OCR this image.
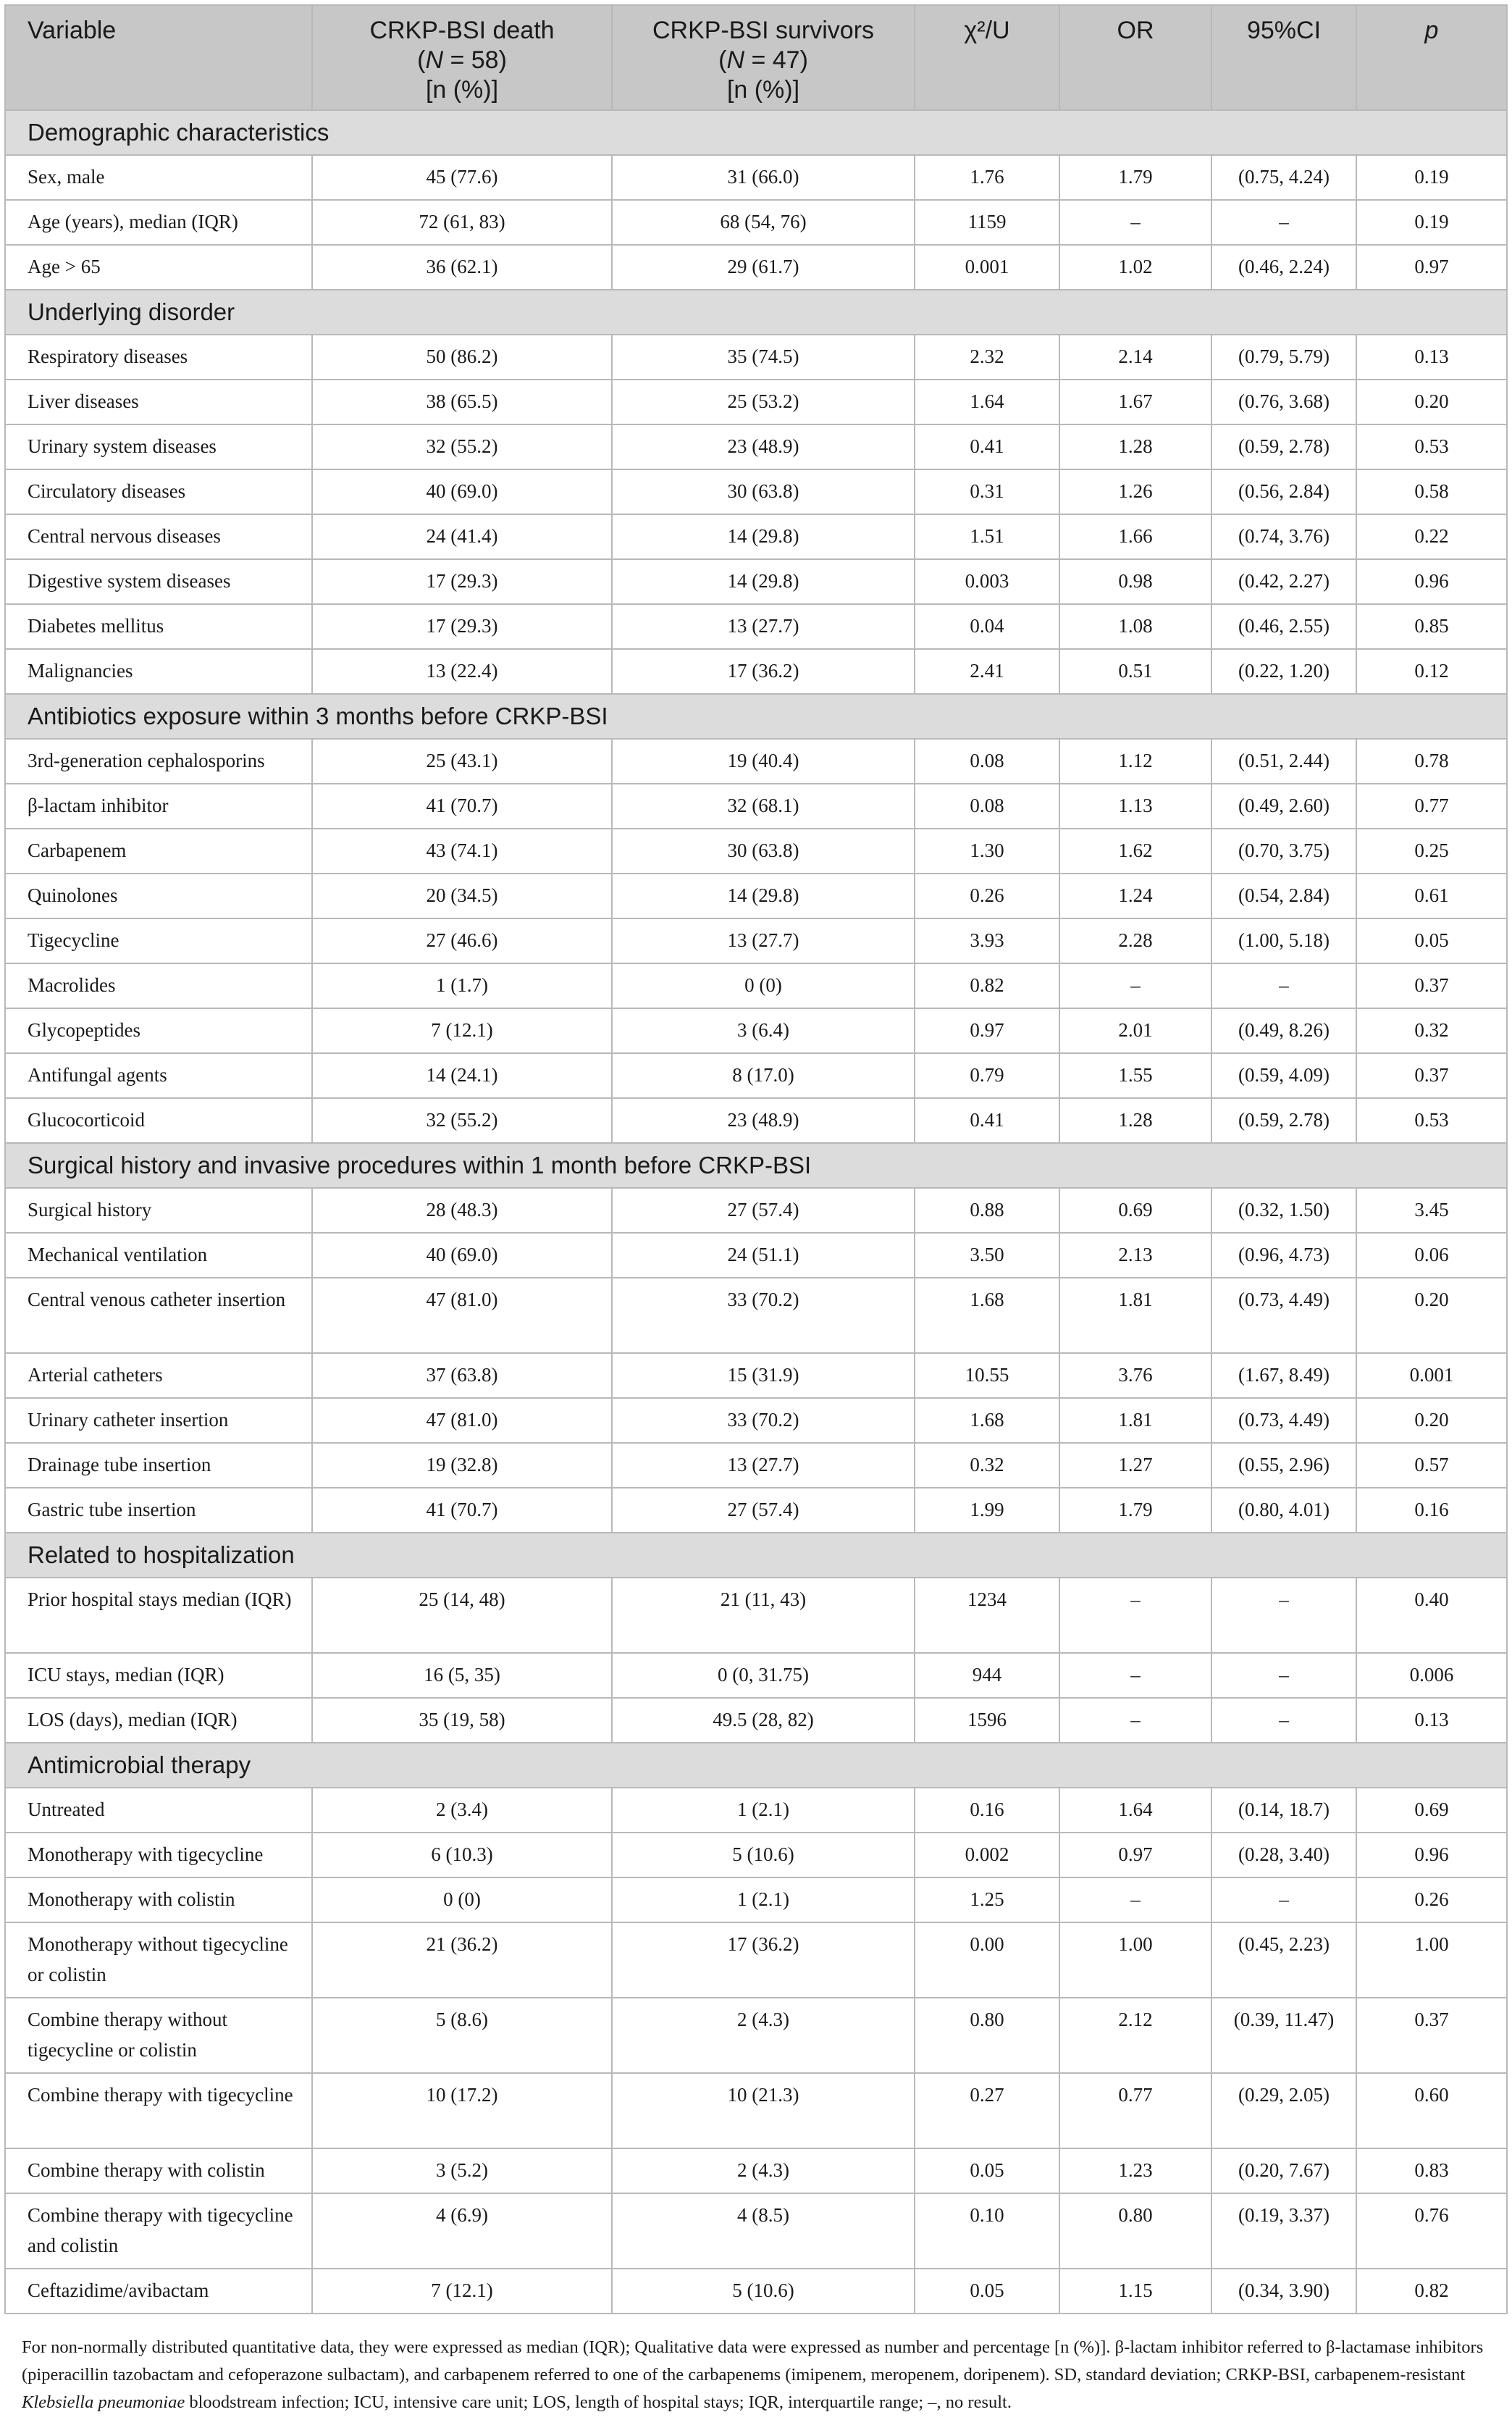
Variable	CRKP-BSI death
(N = 58)
[n (%)]	CRKP-BSI survivors
(N = 47)
[n (%)]	χ²/U	OR	95%CI	p
Demographic characteristics						

Sex, male	45 (77.6)	31 (66.0)	1.76	1.79	(0.75, 4.24)	0.19

Age (years), median (IQR)	72 (61, 83)	68 (54, 76)	1159	–	–	0.19

Age > 65	36 (62.1)	29 (61.7)	0.001	1.02	(0.46, 2.24)	0.97

Underlying disorder						

Respiratory diseases	50 (86.2)	35 (74.5)	2.32	2.14	(0.79, 5.79)	0.13

Liver diseases	38 (65.5)	25 (53.2)	1.64	1.67	(0.76, 3.68)	0.20

Urinary system diseases	32 (55.2)	23 (48.9)	0.41	1.28	(0.59, 2.78)	0.53

Circulatory diseases	40 (69.0)	30 (63.8)	0.31	1.26	(0.56, 2.84)	0.58

Central nervous diseases	24 (41.4)	14 (29.8)	1.51	1.66	(0.74, 3.76)	0.22

Digestive system diseases	17 (29.3)	14 (29.8)	0.003	0.98	(0.42, 2.27)	0.96

Diabetes mellitus	17 (29.3)	13 (27.7)	0.04	1.08	(0.46, 2.55)	0.85

Malignancies	13 (22.4)	17 (36.2)	2.41	0.51	(0.22, 1.20)	0.12

Antibiotics exposure within 3 months before CRKP-BSI						

3rd-generation cephalosporins	25 (43.1)	19 (40.4)	0.08	1.12	(0.51, 2.44)	0.78

β-lactam inhibitor	41 (70.7)	32 (68.1)	0.08	1.13	(0.49, 2.60)	0.77

Carbapenem	43 (74.1)	30 (63.8)	1.30	1.62	(0.70, 3.75)	0.25

Quinolones	20 (34.5)	14 (29.8)	0.26	1.24	(0.54, 2.84)	0.61

Tigecycline	27 (46.6)	13 (27.7)	3.93	2.28	(1.00, 5.18)	0.05

Macrolides	1 (1.7)	0 (0)	0.82	–	–	0.37

Glycopeptides	7 (12.1)	3 (6.4)	0.97	2.01	(0.49, 8.26)	0.32

Antifungal agents	14 (24.1)	8 (17.0)	0.79	1.55	(0.59, 4.09)	0.37

Glucocorticoid	32 (55.2)	23 (48.9)	0.41	1.28	(0.59, 2.78)	0.53

Surgical history and invasive procedures within 1 month before CRKP-BSI						

Surgical history	28 (48.3)	27 (57.4)	0.88	0.69	(0.32, 1.50)	3.45

Mechanical ventilation	40 (69.0)	24 (51.1)	3.50	2.13	(0.96, 4.73)	0.06

Central venous catheter insertion	47 (81.0)	33 (70.2)	1.68	1.81	(0.73, 4.49)	0.20

Arterial catheters	37 (63.8)	15 (31.9)	10.55	3.76	(1.67, 8.49)	0.001

Urinary catheter insertion	47 (81.0)	33 (70.2)	1.68	1.81	(0.73, 4.49)	0.20

Drainage tube insertion	19 (32.8)	13 (27.7)	0.32	1.27	(0.55, 2.96)	0.57

Gastric tube insertion	41 (70.7)	27 (57.4)	1.99	1.79	(0.80, 4.01)	0.16

Related to hospitalization						

Prior hospital stays median (IQR)	25 (14, 48)	21 (11, 43)	1234	–	–	0.40

ICU stays, median (IQR)	16 (5, 35)	0 (0, 31.75)	944	–	–	0.006

LOS (days), median (IQR)	35 (19, 58)	49.5 (28, 82)	1596	–	–	0.13

Antimicrobial therapy						

Untreated	2 (3.4)	1 (2.1)	0.16	1.64	(0.14, 18.7)	0.69

Monotherapy with tigecycline	6 (10.3)	5 (10.6)	0.002	0.97	(0.28, 3.40)	0.96

Monotherapy with colistin	0 (0)	1 (2.1)	1.25	–	–	0.26

Monotherapy without tigecycline or colistin	21 (36.2)	17 (36.2)	0.00	1.00	(0.45, 2.23)	1.00

Combine therapy without tigecycline or colistin	5 (8.6)	2 (4.3)	0.80	2.12	(0.39, 11.47)	0.37

Combine therapy with tigecycline	10 (17.2)	10 (21.3)	0.27	0.77	(0.29, 2.05)	0.60

Combine therapy with colistin	3 (5.2)	2 (4.3)	0.05	1.23	(0.20, 7.67)	0.83

Combine therapy with tigecycline and colistin	4 (6.9)	4 (8.5)	0.10	0.80	(0.19, 3.37)	0.76

Ceftazidime/avibactam	7 (12.1)	5 (10.6)	0.05	1.15	(0.34, 3.90)	0.82
For non-normally distributed quantitative data, they were expressed as median (IQR); Qualitative data were expressed as number and percentage [n (%)]. β-lactam inhibitor referred to β-lactamase inhibitors (piperacillin tazobactam and cefoperazone sulbactam), and carbapenem referred to one of the carbapenems (imipenem, meropenem, doripenem). SD, standard deviation; CRKP-BSI, carbapenem-resistant Klebsiella pneumoniae bloodstream infection; ICU, intensive care unit; LOS, length of hospital stays; IQR, interquartile range; –, no result.
